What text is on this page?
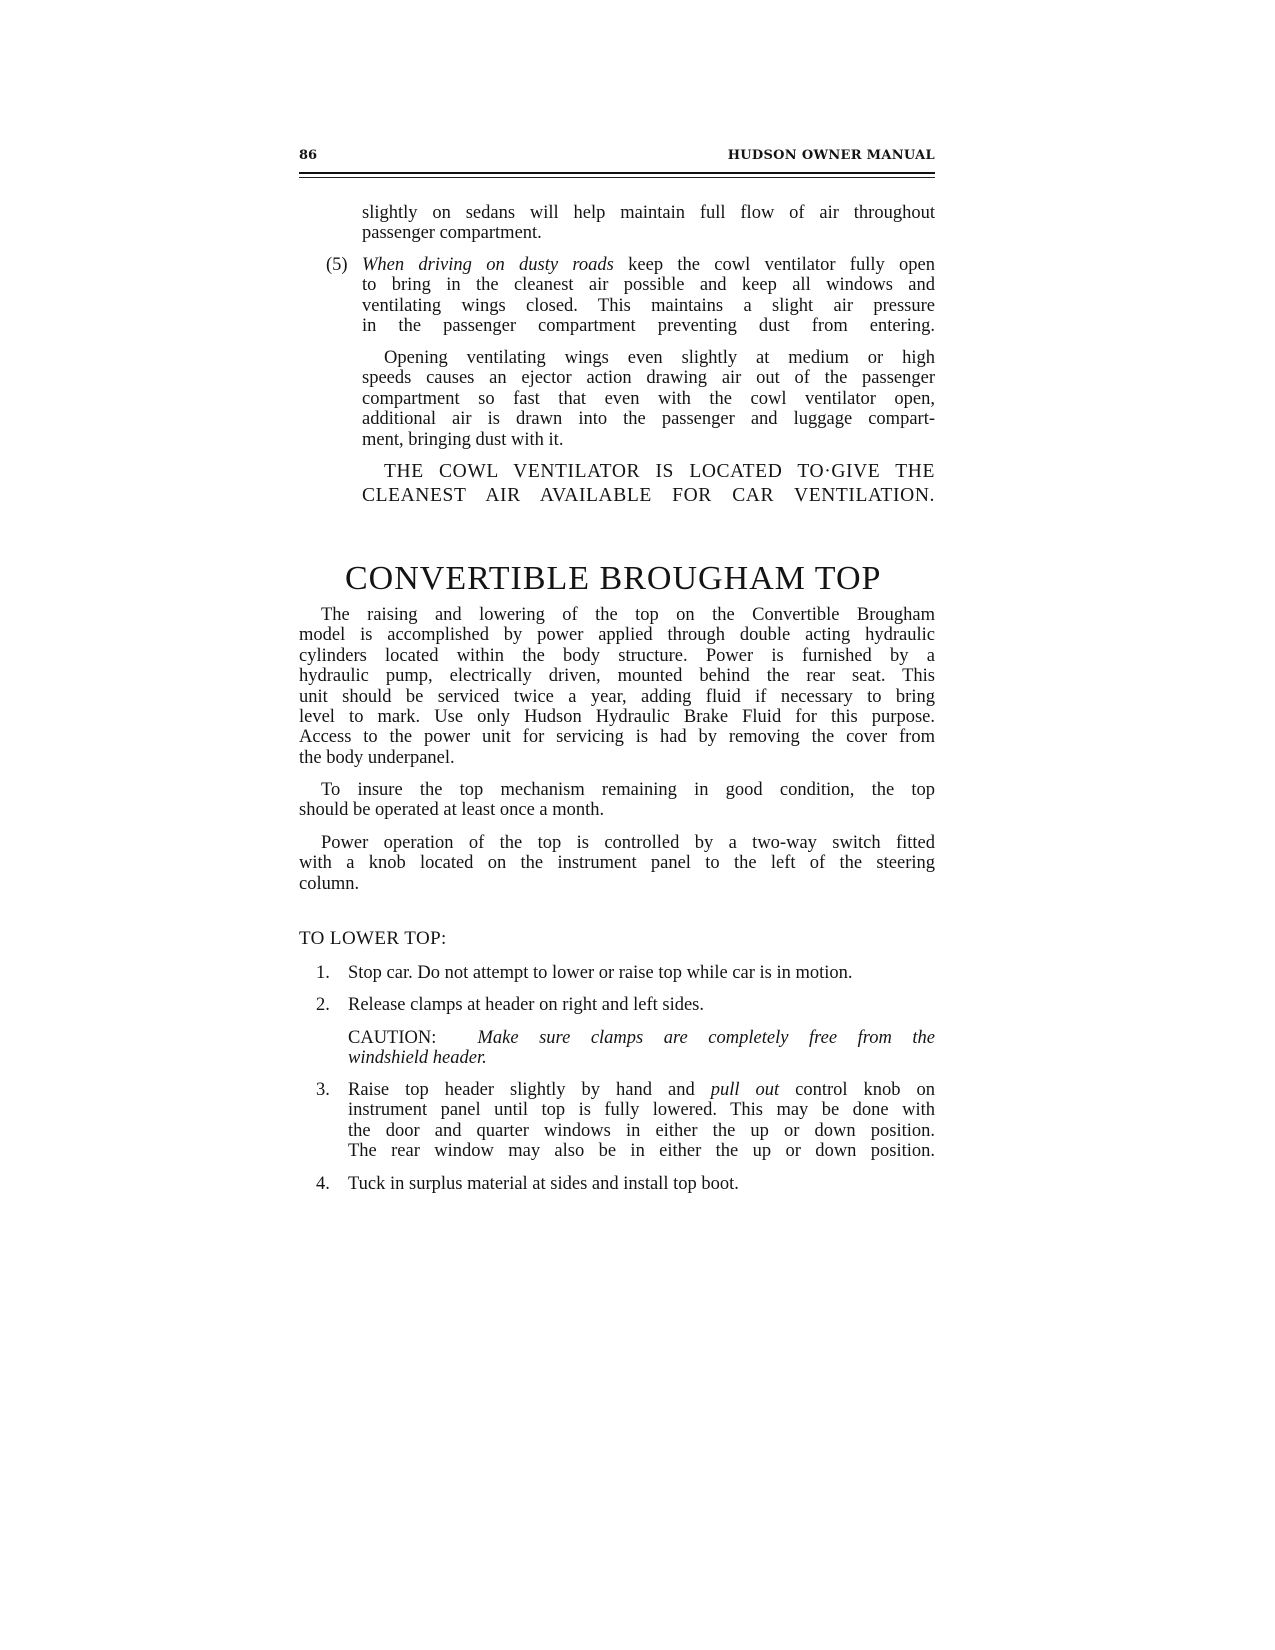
86	HUDSON OWNER MANUAL
slightly on sedans will help maintain full flow of air throughout
passenger compartment.
(5) When driving on dusty roads keep the cowl ventilator fully open
to bring in the cleanest air possible and keep all windows and
ventilating wings closed. This maintains a slight air pressure
in the passenger compartment preventing dust from entering.
Opening ventilating wings even slightly at medium or high
speeds causes an ejector action drawing air out of the passenger
compartment so fast that even with the cowl ventilator open,
additional air is drawn into the passenger and luggage compart-
ment, bringing dust with it.
THE COWL VENTILATOR IS LOCATED TO·GIVE THE
CLEANEST AIR AVAILABLE FOR CAR VENTILATION.
CONVERTIBLE BROUGHAM TOP
The raising and lowering of the top on the Convertible Brougham
model is accomplished by power applied through double acting hydraulic
cylinders located within the body structure. Power is furnished by a
hydraulic pump, electrically driven, mounted behind the rear seat. This
unit should be serviced twice a year, adding fluid if necessary to bring
level to mark. Use only Hudson Hydraulic Brake Fluid for this purpose.
Access to the power unit for servicing is had by removing the cover from
the body underpanel.
To insure the top mechanism remaining in good condition, the top
should be operated at least once a month.
Power operation of the top is controlled by a two-way switch fitted
with a knob located on the instrument panel to the left of the steering
column.
TO LOWER TOP:
1. Stop car. Do not attempt to lower or raise top while car is in motion.
2. Release clamps at header on right and left sides.
CAUTION: Make sure clamps are completely free from the
windshield header.
3. Raise top header slightly by hand and pull out control knob on
instrument panel until top is fully lowered. This may be done with
the door and quarter windows in either the up or down position.
The rear window may also be in either the up or down position.
4. Tuck in surplus material at sides and install top boot.
